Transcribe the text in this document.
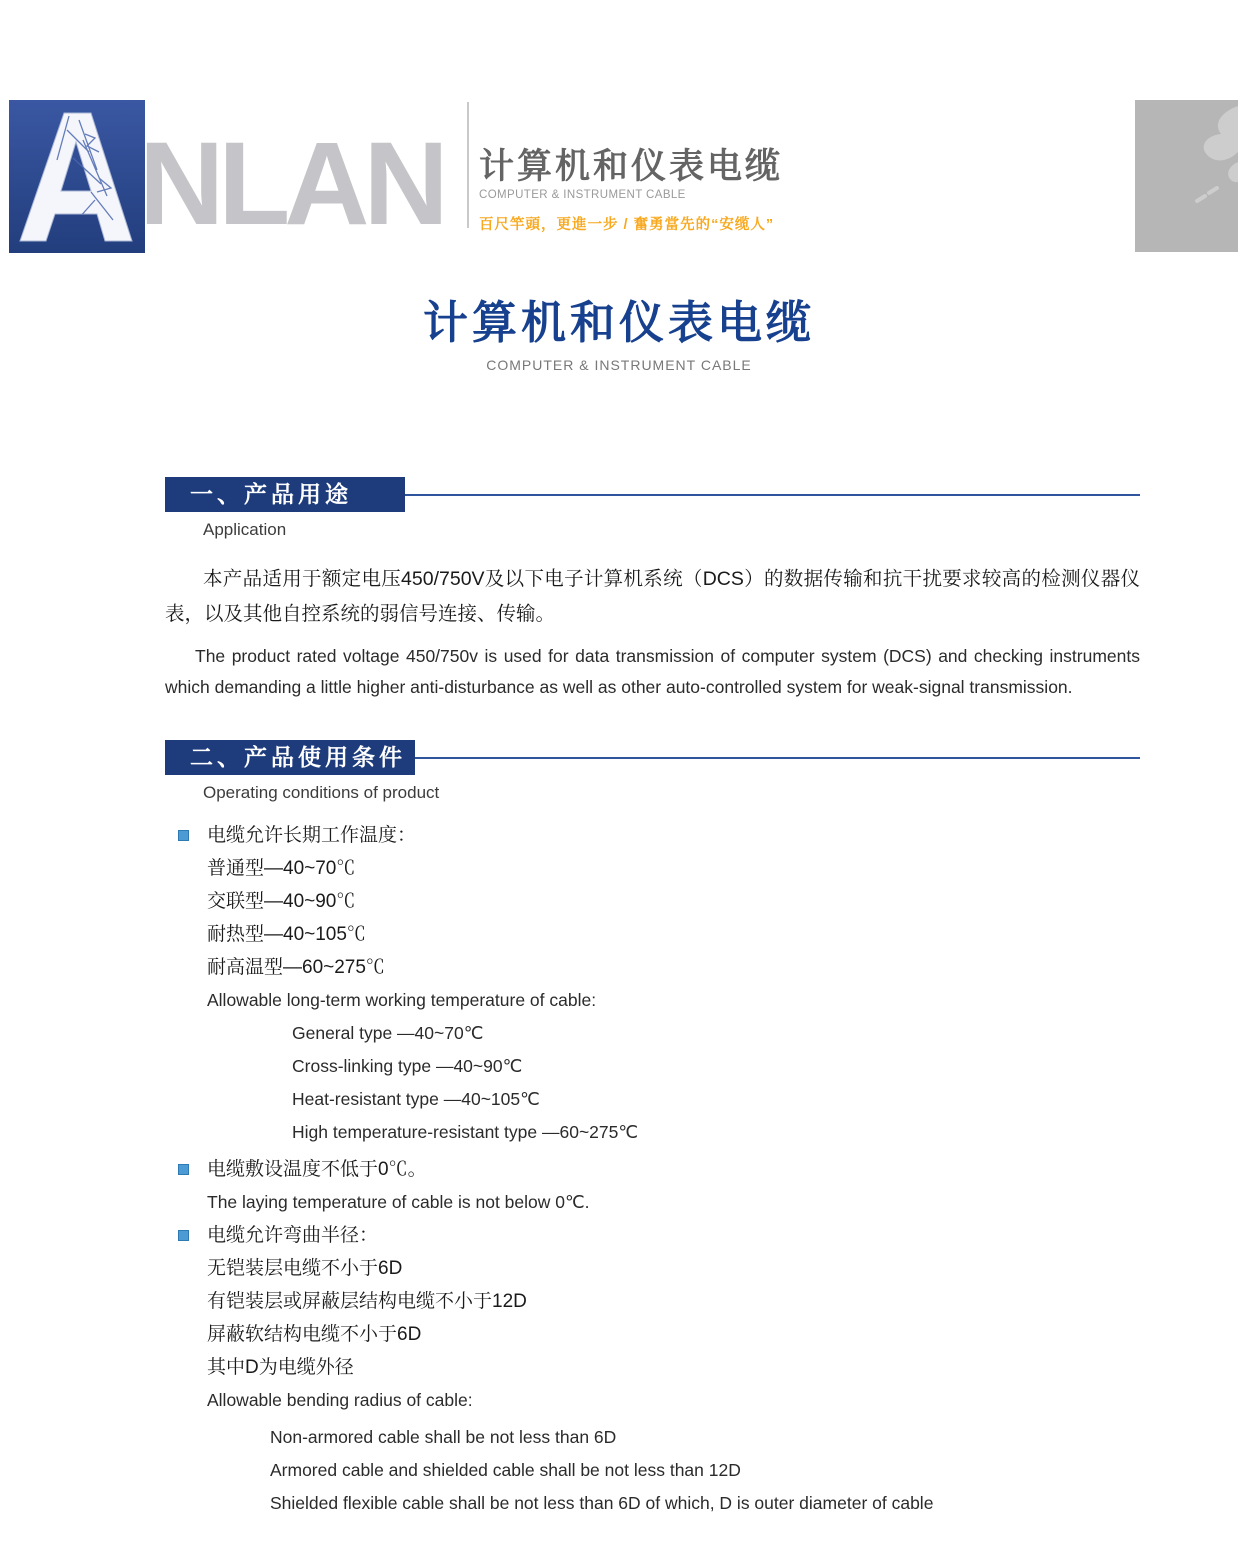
NLAN 计算机和仪表电缆
COMPUTER & INSTRUMENT CABLE
百尺竿頭，更進一步 / 奮勇當先的“安缆人”
计算机和仪表电缆
COMPUTER & INSTRUMENT CABLE
一、产品用途
Application
本产品适用于额定电压450/750V及以下电子计算机系统（DCS）的数据传输和抗干扰要求较高的检测仪器仪表，以及其他自控系统的弱信号连接、传输。
The product rated voltage 450/750v is used for data transmission of computer system (DCS) and checking instruments which demanding a little higher anti-disturbance as well as other auto-controlled system for weak-signal transmission.
二、产品使用条件
Operating conditions of product
电缆允许长期工作温度：
普通型—40~70℃
交联型—40~90℃
耐热型—40~105℃
耐高温型—60~275℃
Allowable long-term working temperature of cable:
General type —40~70℃
Cross-linking type —40~90℃
Heat-resistant type —40~105℃
High temperature-resistant type —60~275℃
电缆敷设温度不低于0℃。
The laying temperature of cable is not below 0℃.
电缆允许弯曲半径：
无铠装层电缆不小于6D
有铠装层或屏蔽层结构电缆不小于12D
屏蔽软结构电缆不小于6D
其中D为电缆外径
Allowable bending radius of cable:
Non-armored cable shall be not less than 6D
Armored cable and shielded cable shall be not less than 12D
Shielded flexible cable shall be not less than 6D of which, D is outer diameter of cable
